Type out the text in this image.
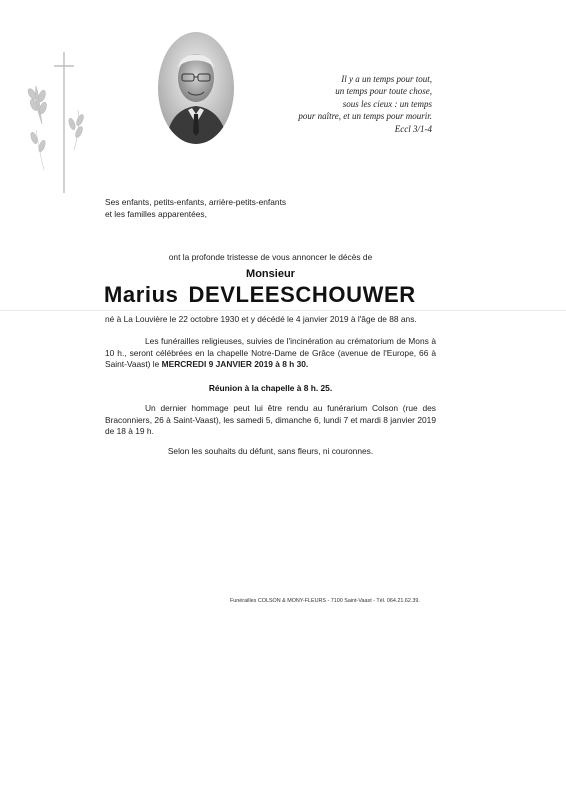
Il y a un temps pour tout,
un temps pour toute chose,
sous les cieux : un temps
pour naître, et un temps pour mourir.
Eccl 3/1-4
Ses enfants, petits-enfants, arrière-petits-enfants
et les familles apparentées,
ont la profonde tristesse de vous annoncer le décès de
Monsieur
Marius DEVLEESCHOUWER
né à La Louvière le 22 octobre 1930 et y décédé le 4 janvier 2019 à l'âge de 88 ans.
Les funérailles religieuses, suivies de l'incinération au crématorium de Mons à 10 h., seront célébrées en la chapelle Notre-Dame de Grâce (avenue de l'Europe, 66 à Saint-Vaast) le MERCREDI 9 JANVIER 2019 à 8 h 30.
Réunion à la chapelle à 8 h. 25.
Un dernier hommage peut lui être rendu au funérarium Colson (rue des Braconniers, 26 à Saint-Vaast), les samedi 5, dimanche 6, lundi 7 et mardi 8 janvier 2019 de 18 à 19 h.
Selon les souhaits du défunt, sans fleurs, ni couronnes.
Funérailles COLSON & MONY-FLEURS - 7100 Saint-Vaast - Tél. 064.21.62.39.
